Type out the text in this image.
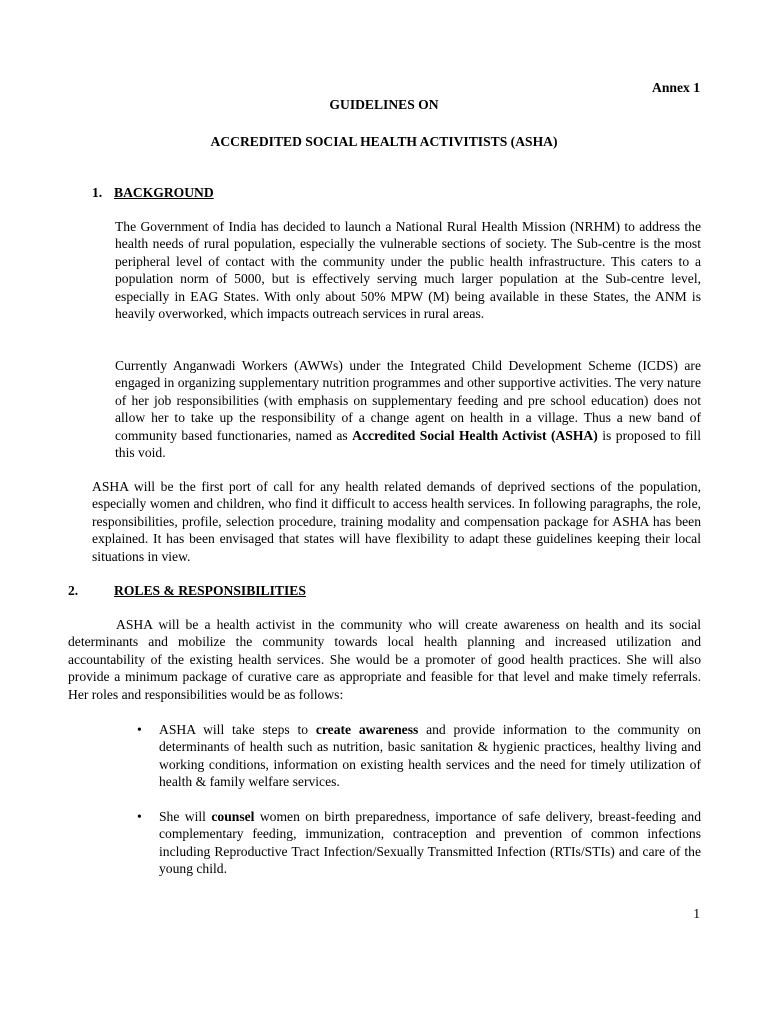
Annex 1
GUIDELINES ON
ACCREDITED SOCIAL HEALTH ACTIVITISTS (ASHA)
1. BACKGROUND

The Government of India has decided to launch a National Rural Health Mission (NRHM) to address the health needs of rural population, especially the vulnerable sections of society. The Sub-centre is the most peripheral level of contact with the community under the public health infrastructure. This caters to a population norm of 5000, but is effectively serving much larger population at the Sub-centre level, especially in EAG States. With only about 50% MPW (M) being available in these States, the ANM is heavily overworked, which impacts outreach services in rural areas.

Currently Anganwadi Workers (AWWs) under the Integrated Child Development Scheme (ICDS) are engaged in organizing supplementary nutrition programmes and other supportive activities. The very nature of her job responsibilities (with emphasis on supplementary feeding and pre school education) does not allow her to take up the responsibility of a change agent on health in a village. Thus a new band of community based functionaries, named as Accredited Social Health Activist (ASHA) is proposed to fill this void.

ASHA will be the first port of call for any health related demands of deprived sections of the population, especially women and children, who find it difficult to access health services. In following paragraphs, the role, responsibilities, profile, selection procedure, training modality and compensation package for ASHA has been explained. It has been envisaged that states will have flexibility to adapt these guidelines keeping their local situations in view.

2.	ROLES & RESPONSIBILITIES

ASHA will be a health activist in the community who will create awareness on health and its social determinants and mobilize the community towards local health planning and increased utilization and accountability of the existing health services. She would be a promoter of good health practices. She will also provide a minimum package of curative care as appropriate and feasible for that level and make timely referrals. Her roles and responsibilities would be as follows:

• ASHA will take steps to create awareness and provide information to the community on determinants of health such as nutrition, basic sanitation & hygienic practices, healthy living and working conditions, information on existing health services and the need for timely utilization of health & family welfare services.

• She will counsel women on birth preparedness, importance of safe delivery, breast-feeding and complementary feeding, immunization, contraception and prevention of common infections including Reproductive Tract Infection/Sexually Transmitted Infection (RTIs/STIs) and care of the young child.

1
